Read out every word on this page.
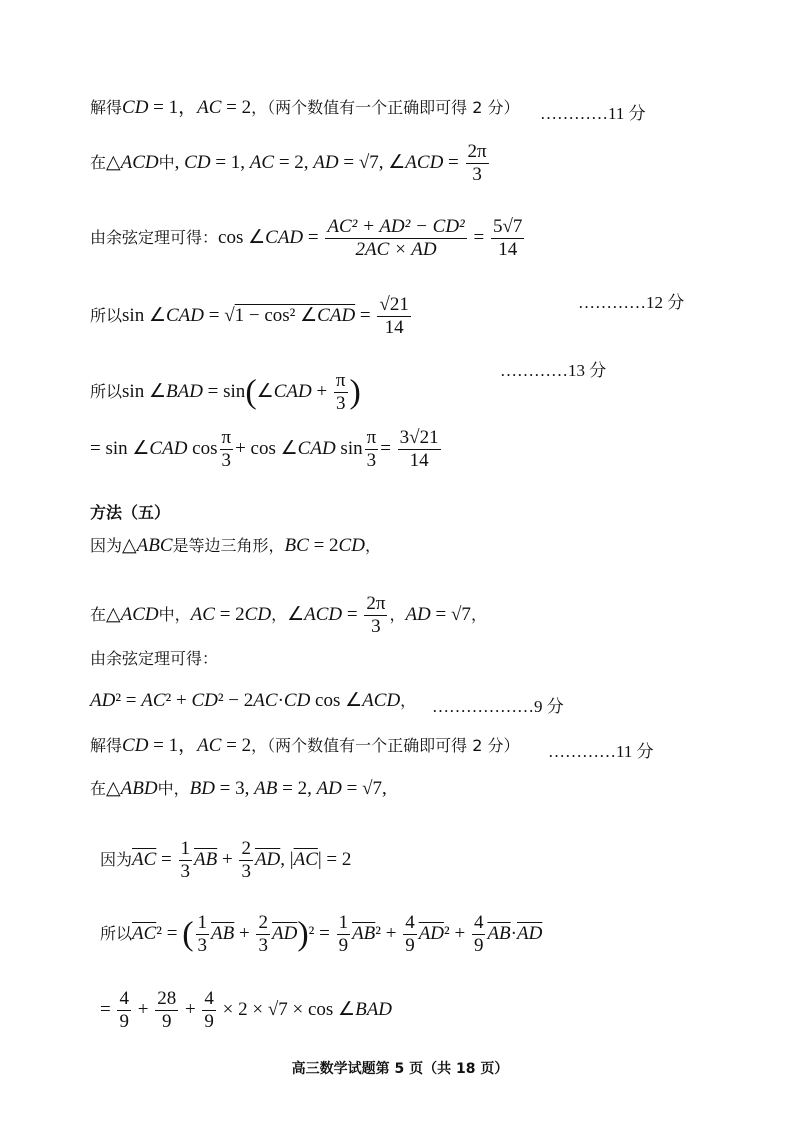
解得CD = 1，AC = 2，（两个数值有一个正确即可得 2 分） …………11 分
在△ACD中, CD = 1, AC = 2, AD = √7, ∠ACD = $\frac{2\pi}{3}$
由余弦定理可得：cos ∠CAD = $\frac{\text{AC² + AD² − CD²}}{2AC \times AD} = \frac{5√7}{14}$
所以sin ∠CAD = √1 − cos² ∠CAD = $\frac{√21}{14}$	…………12 分
所以sin ∠BAD = sin(∠CAD + $\frac{\pi}{3}$ )
…………13 分
= sin ∠CAD $\cos \frac{\pi}{3} + \cos$ ∠CAD $\sin \frac{\pi}{3} = \frac{3√21}{14}$
方法（五）
因为△ABC是等边三角形，BC = 2CD，
在△ACD中，AC = 2CD，∠ACD = $\frac{2\pi}{3}$ ，AD = √7，
由余弦定理可得：
AD² = AC² + CD² − 2AC·CD cos ∠ACD， ………………9 分
解得CD = 1，AC = 2，（两个数值有一个正确即可得 2 分） …………11 分
在△ABD中，BD = 3, AB = 2, AD = √7,
因为$\overline{AC} = \frac{1}{3} \overline{AB} + \frac{2}{3} \overline{AD}$, $|\overline{AC}| = 2$
所以$\overline{AC}^2$ = ( $\frac{1}{3} \overline{AB} + \frac{2}{3} \overline{AD})^2 = \frac{1}{9} \overline{AB}^2 + \frac{4}{9} \overline{AD}^2 + \frac{4}{9} \overline{AB}\cdot\overline{AD}$
= $\frac{4}{9} + \frac{28}{9} + \frac{4}{9} \times 2 \times √7 \times \cos$ ∠BAD
高三数学试题第 5 页（共 18 页）
